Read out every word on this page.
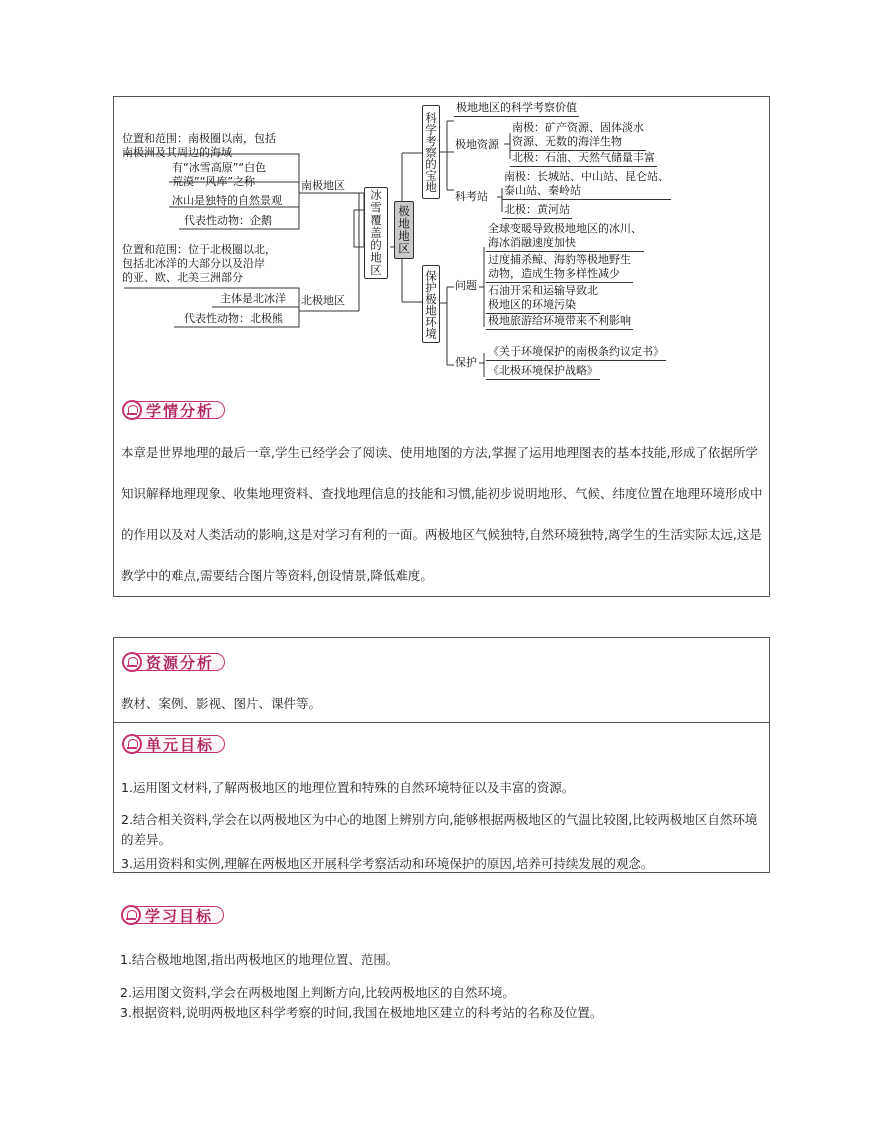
位置和范围：南极圈以南，包括
南极洲及其周边的海域
有“冰雪高原”“白色
荒漠”“风库”之称
冰山是独特的自然景观
代表性动物：企鹅
南极地区
位置和范围：位于北极圈以北，
包括北冰洋的大部分以及沿岸
的亚、欧、北美三洲部分
主体是北冰洋
代表性动物：北极熊
北极地区
冰雪覆盖的地区 极地地区
科学考察的宝地
保护极地环境
极地地区的科学考察价值
极地资源
南极：矿产资源、固体淡水
资源、无数的海洋生物
北极：石油、天然气储量丰富
科考站
南极：长城站、中山站、昆仑站、
泰山站、秦岭站
北极：黄河站
问题
全球变暖导致极地地区的冰川、
海冰消融速度加快
过度捕杀鲸、海豹等极地野生
动物，造成生物多样性减少
石油开采和运输导致北
极地区的环境污染
极地旅游给环境带来不利影响
保护
《关于环境保护的南极条约议定书》
《北极环境保护战略》
学情分析
本章是世界地理的最后一章,学生已经学会了阅读、使用地图的方法,掌握了运用地理图表的基本技能,形成了依据所学知识解释地理现象、收集地理资料、查找地理信息的技能和习惯,能初步说明地形、气候、纬度位置在地理环境形成中的作用以及对人类活动的影响,这是对学习有利的一面。两极地区气候独特,自然环境独特,离学生的生活实际太远,这是教学中的难点,需要结合图片等资料,创设情景,降低难度。
资源分析
教材、案例、影视、图片、课件等。
单元目标
1.运用图文材料,了解两极地区的地理位置和特殊的自然环境特征以及丰富的资源。
2.结合相关资料,学会在以两极地区为中心的地图上辨别方向,能够根据两极地区的气温比较图,比较两极地区自然环境的差异。
3.运用资料和实例,理解在两极地区开展科学考察活动和环境保护的原因,培养可持续发展的观念。
学习目标
1.结合极地地图,指出两极地区的地理位置、范围。
2.运用图文资料,学会在两极地图上判断方向,比较两极地区的自然环境。
3.根据资料,说明两极地区科学考察的时间,我国在极地地区建立的科考站的名称及位置。
